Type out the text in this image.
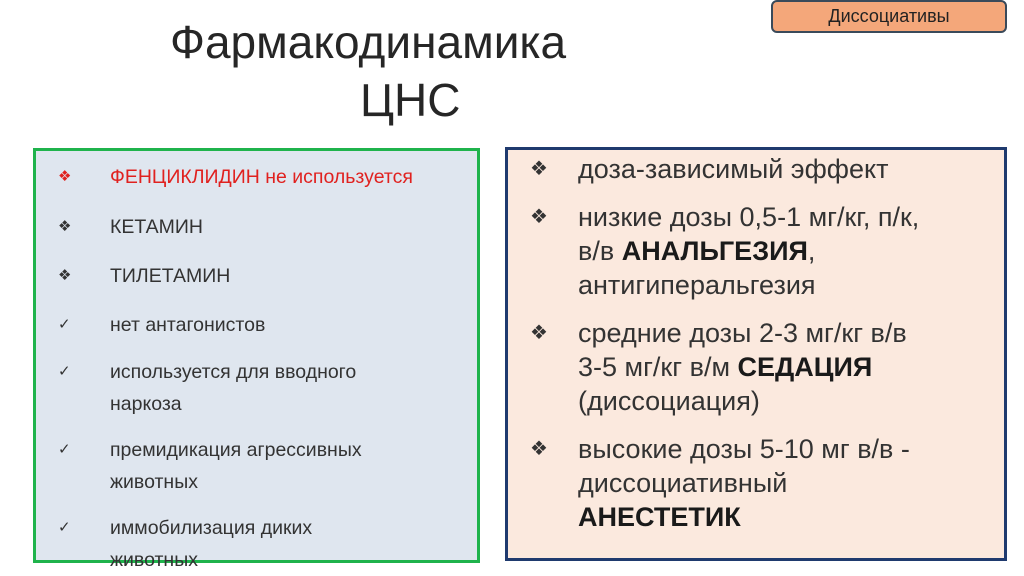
Диссоциативы
Фармакодинамика
ЦНС
❖ ФЕНЦИКЛИДИН не используется
❖ КЕТАМИН
❖ ТИЛЕТАМИН
✓ нет антагонистов
✓ используется для вводного
наркоза
✓ премидикация агрессивных
животных
✓ иммобилизация диких
животных
❖ доза-зависимый эффект
❖ низкие дозы 0,5-1 мг/кг, п/к,
в/в АНАЛЬГЕЗИЯ,
антигиперальгезия
❖ средние дозы 2-3 мг/кг в/в
3-5 мг/кг в/м СЕДАЦИЯ
(диссоциация)
❖ высокие дозы 5-10 мг в/в -
диссоциативный
АНЕСТЕТИК
